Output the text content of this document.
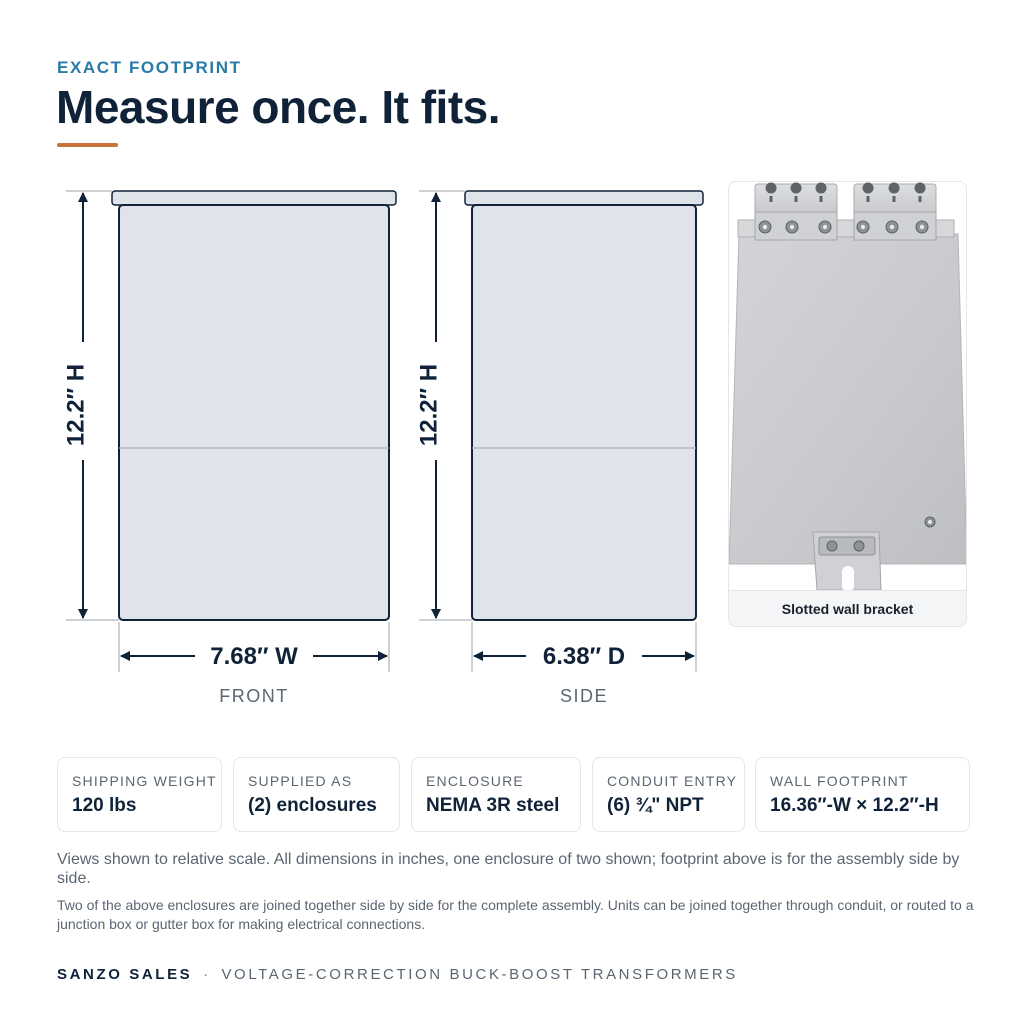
EXACT FOOTPRINT
Measure once. It fits.
12.2″ H
7.68″ W
FRONT
12.2″ H
6.38″ D
SIDE
Slotted wall bracket
SHIPPING WEIGHT
120 lbs
SUPPLIED AS
(2) enclosures
ENCLOSURE
NEMA 3R steel
CONDUIT ENTRY
(6) ¾" NPT
WALL FOOTPRINT
16.36″-W × 12.2″-H

Views shown to relative scale. All dimensions in inches, one enclosure of two shown; footprint above is for the assembly side by side.

Two of the above enclosures are joined together side by side for the complete assembly. Units can be joined together through conduit, or routed to a junction box or gutter box for making electrical connections.

SANZO SALES · VOLTAGE-CORRECTION BUCK-BOOST TRANSFORMERS
